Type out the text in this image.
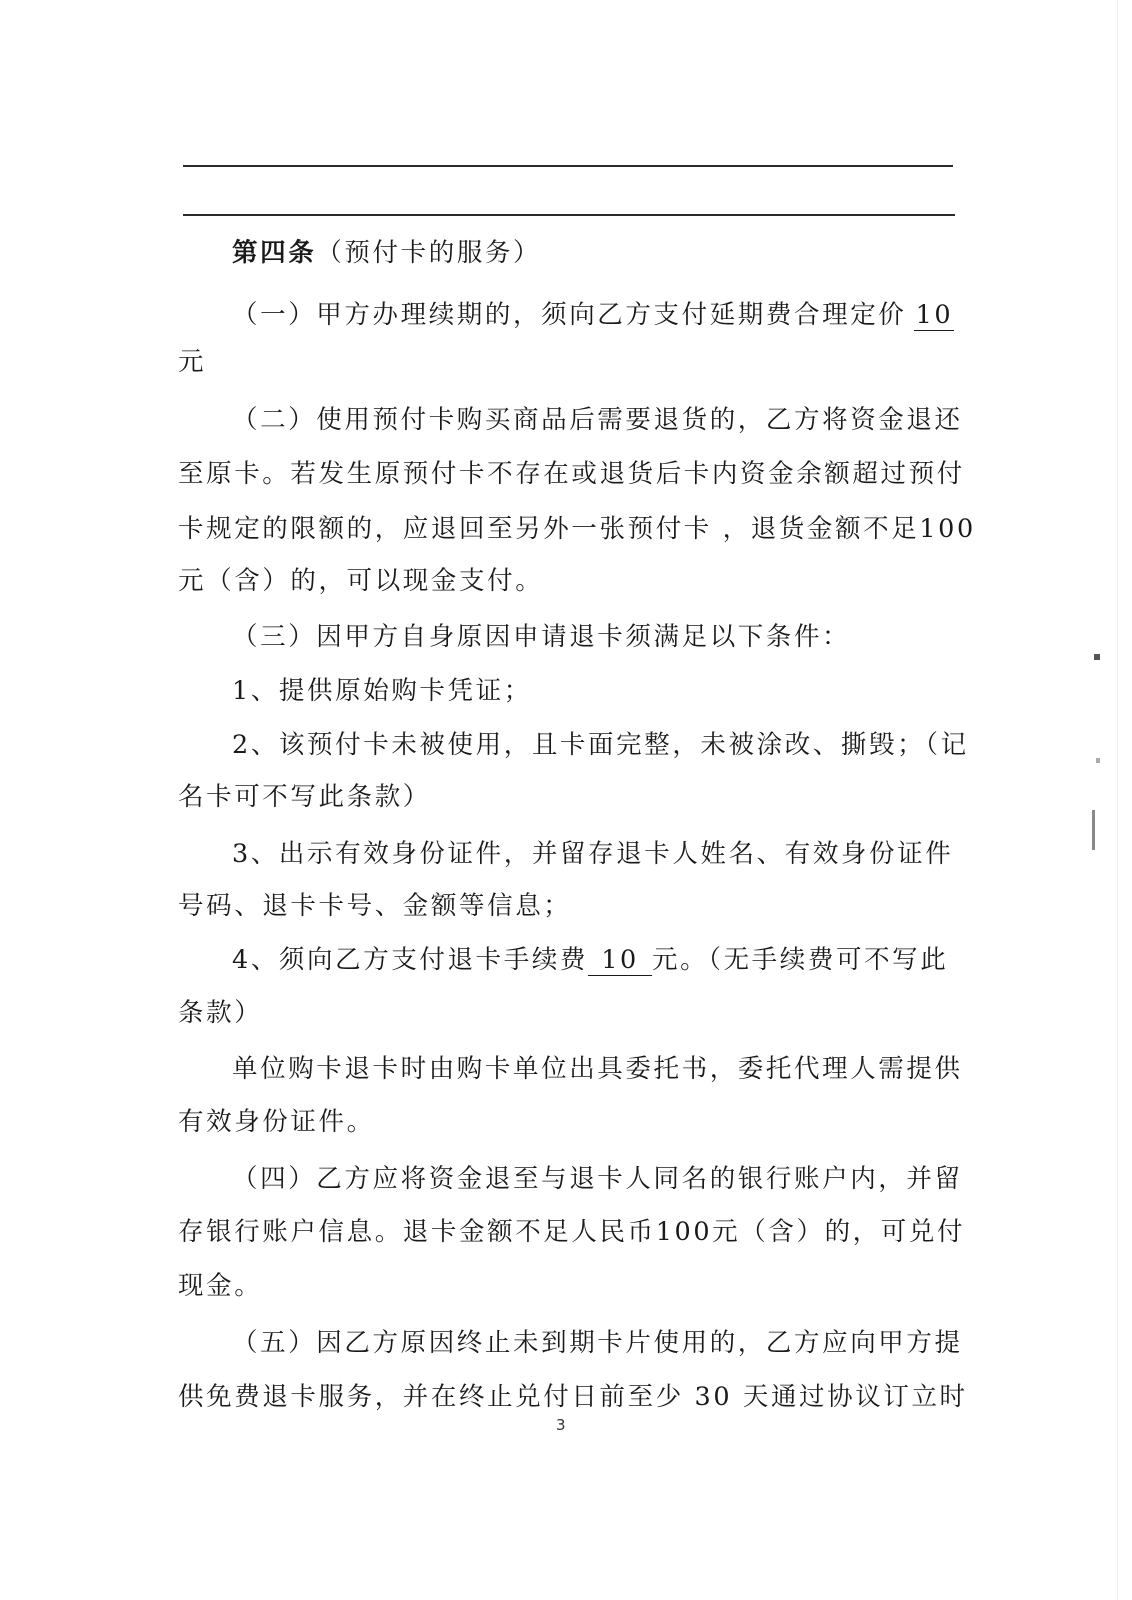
第四条（预付卡的服务）
（一）甲方办理续期的，须向乙方支付延期费合理定价 10
元
（二）使用预付卡购买商品后需要退货的，乙方将资金退还
至原卡。若发生原预付卡不存在或退货后卡内资金余额超过预付
卡规定的限额的，应退回至另外一张预付卡 ，退货金额不足100
元（含）的，可以现金支付。
（三）因甲方自身原因申请退卡须满足以下条件：
1、提供原始购卡凭证；
2、该预付卡未被使用，且卡面完整，未被涂改、撕毁；（记
名卡可不写此条款）
3、出示有效身份证件，并留存退卡人姓名、有效身份证件
号码、退卡卡号、金额等信息；
4、须向乙方支付退卡手续费 10 元。（无手续费可不写此
条款）
单位购卡退卡时由购卡单位出具委托书，委托代理人需提供
有效身份证件。
（四）乙方应将资金退至与退卡人同名的银行账户内，并留
存银行账户信息。退卡金额不足人民币100元（含）的，可兑付
现金。
（五）因乙方原因终止未到期卡片使用的，乙方应向甲方提
供免费退卡服务，并在终止兑付日前至少 30 天通过协议订立时
3
